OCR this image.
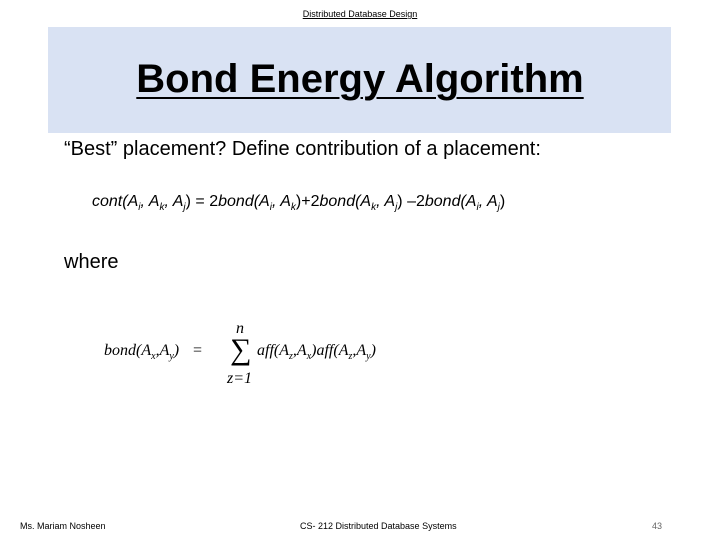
Distributed Database Design
Bond Energy Algorithm
“Best” placement? Define contribution of a placement:
$cont(A_i$, $A_k$, $A_j$) = $2bond(A_i$, $A_k)+2bond(A_k$, $A_j$) $-2bond(A_i$, $A_j$)
where
$bond(A_x,A_y)$ =
n
∑ $aff(A_z,A_x)aff(A_z,A_y)$
z=1
Ms. Mariam Nosheen	CS- 212 Distributed Database Systems	43
